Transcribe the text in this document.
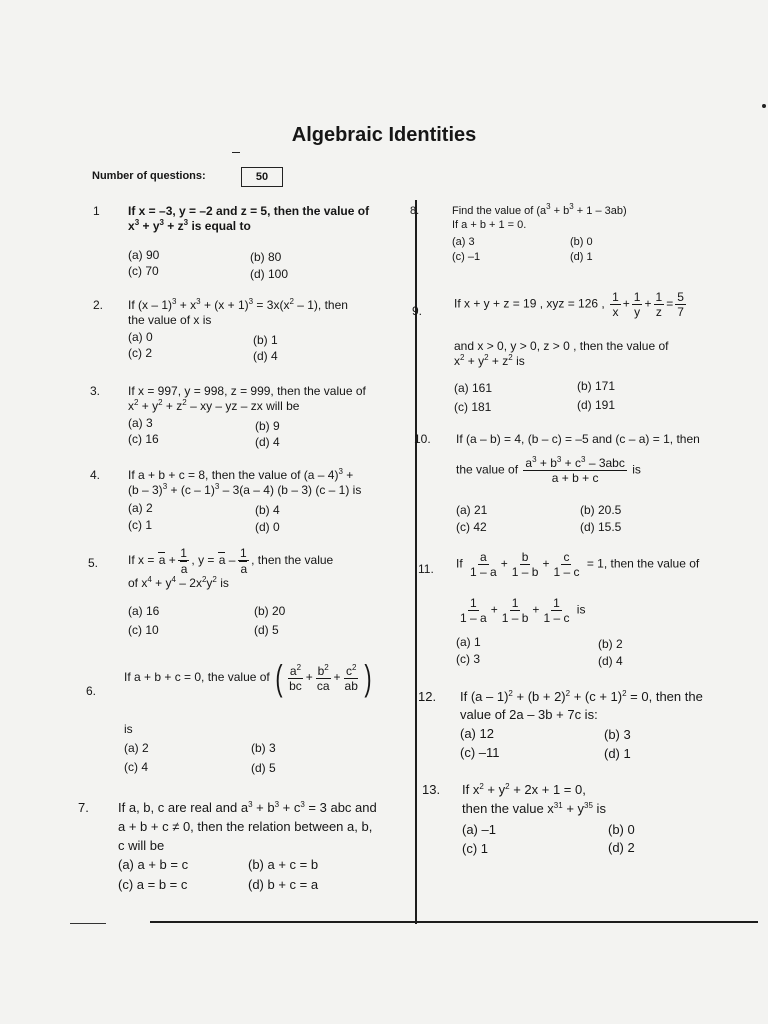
Algebraic Identities
Number of questions:	50
1 If x = –3, y = –2 and z = 5, then the value of
$x^3 + y^3 + z^3$ is equal to
(a) 90	(b) 80
(c) 70	(d) 100
2. If $(x - 1)^3 + x^3 + (x + 1)^3 = 3x(x^2 - 1)$, then
the value of x is
(a) 0	(b) 1
(c) 2	(d) 4
3. If x = 997, y = 998, z = 999, then the value of
$x^2 + y^2 + z^2$ – xy – yz – zx will be
(a) 3	(b) 9
(c) 16	(d) 4
4. If a + b + c = 8, then the value of (a – 4)$^3$ +
(b – 3)$^3$ + (c – 1)$^3$ – 3(a – 4) (b – 3) (c – 1) is
(a) 2	(b) 4
(c) 1	(d) 0
5. If $x = a + \frac{1}{a}$ , $y = a - \frac{1}{a}$ , then the value
of $x^4 + y^4 - 2x^2y^2$ is
(a) 16	(b) 20
(c) 10	(d) 5
6.
If a + b + c = 0, the value of ( $\frac{a^2}{bc} + \frac{b^2}{ca} + \frac{c^2}{ab}$ )
is
(a) 2	(b) 3
(c) 4	(d) 5
7. If a, b, c are real and $a^3 + b^3 + c^3 = 3$ abc and
a + b + c ≠ 0, then the relation between a, b,
c will be
(a) a + b = c	(b) a + c = b
(c) a = b = c	(d) b + c = a
8.	Find the value of $(a^3 + b^3 + 1 - 3ab)$
If a + b + 1 = 0.
(a) 3	(b) 0
(c) –1	(d) 1
9.
If x + y + z = 19 , xyz = 126 , $\frac{1}{x} + \frac{1}{y} + \frac{1}{z} = \frac{5}{7}$
and x > 0, y > 0, z > 0 , then the value of
$x^2 + y^2 + z^2$ is
(a) 161	(b) 171
(c) 181	(d) 191
10. If (a – b) = 4, (b – c) = –5 and (c – a) = 1, then
the value of $\frac{a^3 + b^3 + c^3 - 3abc}{a + b + c}$ is
(a) 21	(b) 20.5
(c) 42	(d) 15.5
11. If $\frac{a}{1 - a} + \frac{b}{1 - b} + \frac{c}{1 - c} = 1$, then the value of
$\frac{1}{1 - a} + \frac{1}{1 - b} + \frac{1}{1 - c}$ is
(a) 1	(b) 2
(c) 3	(d) 4
12. If $(a - 1)^2 + (b + 2)^2 + (c + 1)^2 = 0$, then the
value of 2a – 3b + 7c is:
(a) 12	(b) 3
(c) –11	(d) 1
13. If $x^2 + y^2 + 2x + 1 = 0$,
then the value $x^{31} + y^{35}$ is
(a) –1	(b) 0
(c) 1	(d) 2
